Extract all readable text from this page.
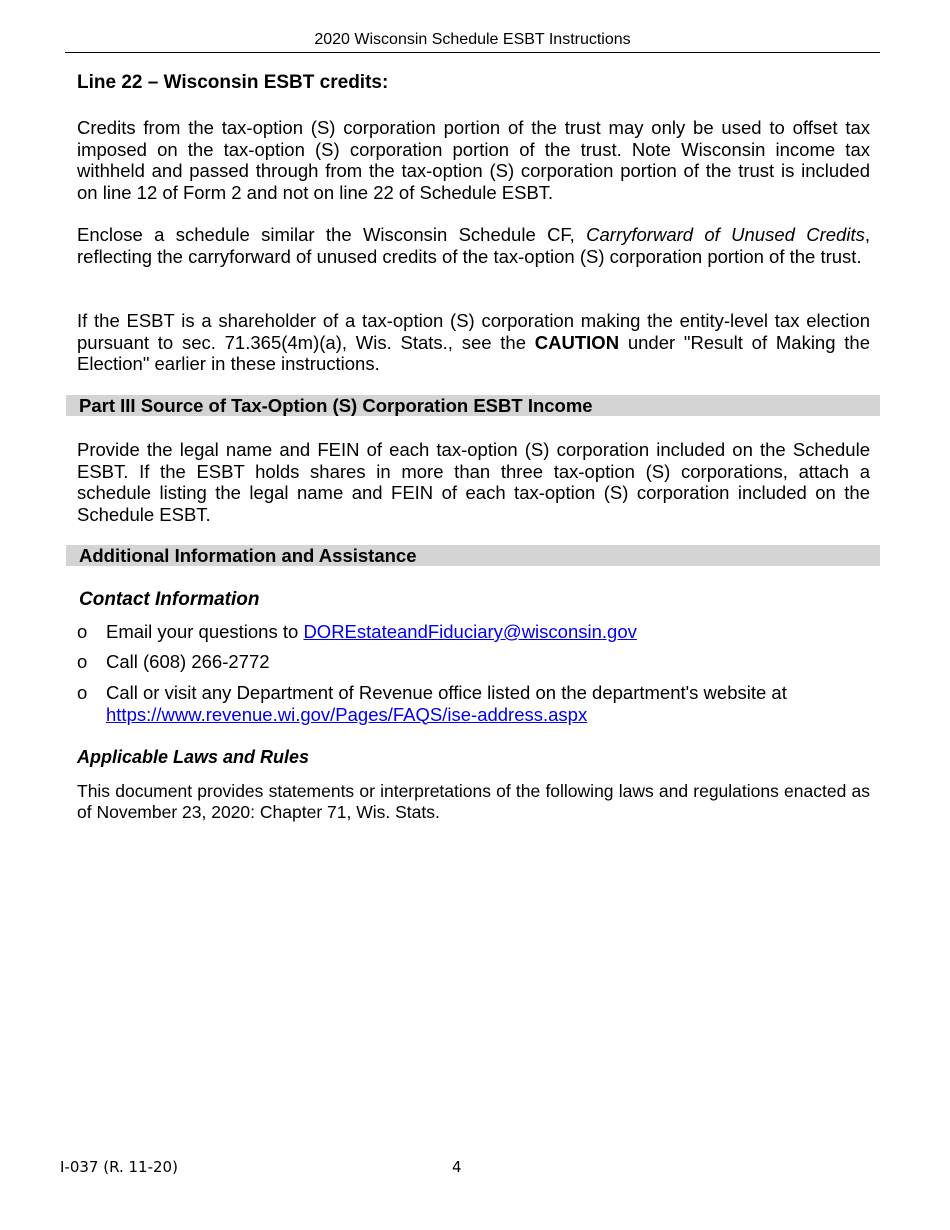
2020 Wisconsin Schedule ESBT Instructions
Line 22 – Wisconsin ESBT credits:

Credits from the tax-option (S) corporation portion of the trust may only be used to offset tax imposed on the tax-option (S) corporation portion of the trust. Note Wisconsin income tax withheld and passed through from the tax-option (S) corporation portion of the trust is included on line 12 of Form 2 and not on line 22 of Schedule ESBT.

Enclose a schedule similar the Wisconsin Schedule CF, Carryforward of Unused Credits, reflecting the carryforward of unused credits of the tax-option (S) corporation portion of the trust.

If the ESBT is a shareholder of a tax-option (S) corporation making the entity-level tax election pursuant to sec. 71.365(4m)(a), Wis. Stats., see the CAUTION under "Result of Making the Election" earlier in these instructions.

Part III Source of Tax-Option (S) Corporation ESBT Income

Provide the legal name and FEIN of each tax-option (S) corporation included on the Schedule ESBT. If the ESBT holds shares in more than three tax-option (S) corporations, attach a schedule listing the legal name and FEIN of each tax-option (S) corporation included on the Schedule ESBT.

Additional Information and Assistance
Contact Information
ο	Email your questions to DOREstateandFiduciary@wisconsin.gov
o	Call (608) 266-2772
ο	Call or visit any Department of Revenue office listed on the department's website at
https://www.revenue.wi.gov/Pages/FAQS/ise-address.aspx
Applicable Laws and Rules

This document provides statements or interpretations of the following laws and regulations enacted as of November 23, 2020: Chapter 71, Wis. Stats.

I-037 (R. 11-20)	4
